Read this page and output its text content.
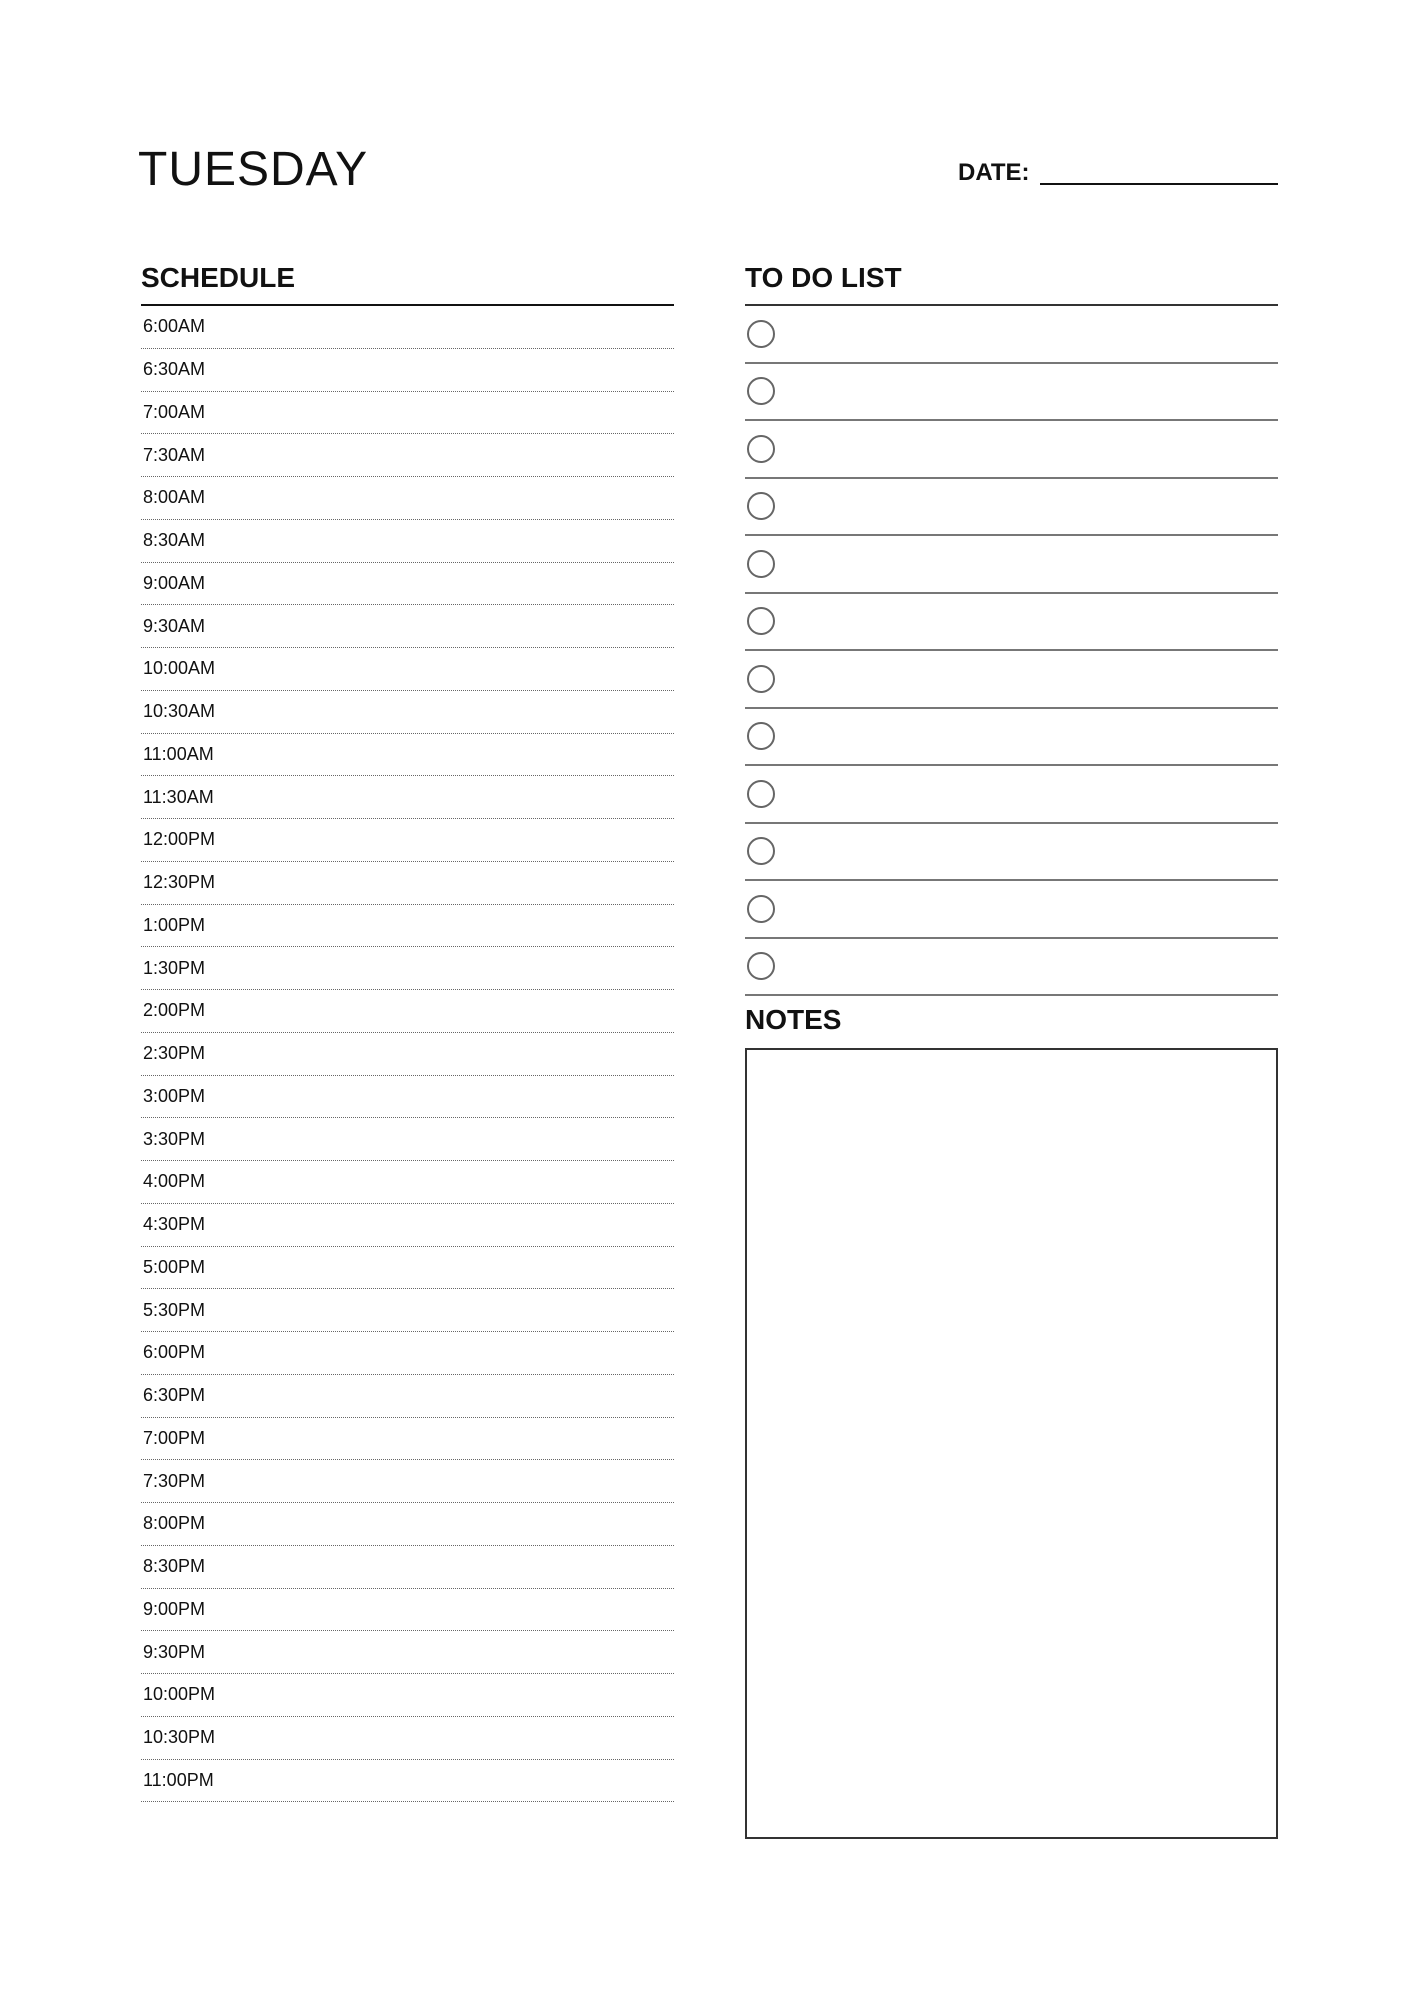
TUESDAY	DATE:
SCHEDULE
6:00AM
6:30AM
7:00AM
7:30AM
8:00AM
8:30AM
9:00AM
9:30AM
10:00AM
10:30AM
11:00AM
11:30AM
12:00PM
12:30PM
1:00PM
1:30PM
2:00PM
2:30PM
3:00PM
3:30PM
4:00PM
4:30PM
5:00PM
5:30PM
6:00PM
6:30PM
7:00PM
7:30PM
8:00PM
8:30PM
9:00PM
9:30PM
10:00PM
10:30PM
11:00PM
TO DO LIST
NOTES
